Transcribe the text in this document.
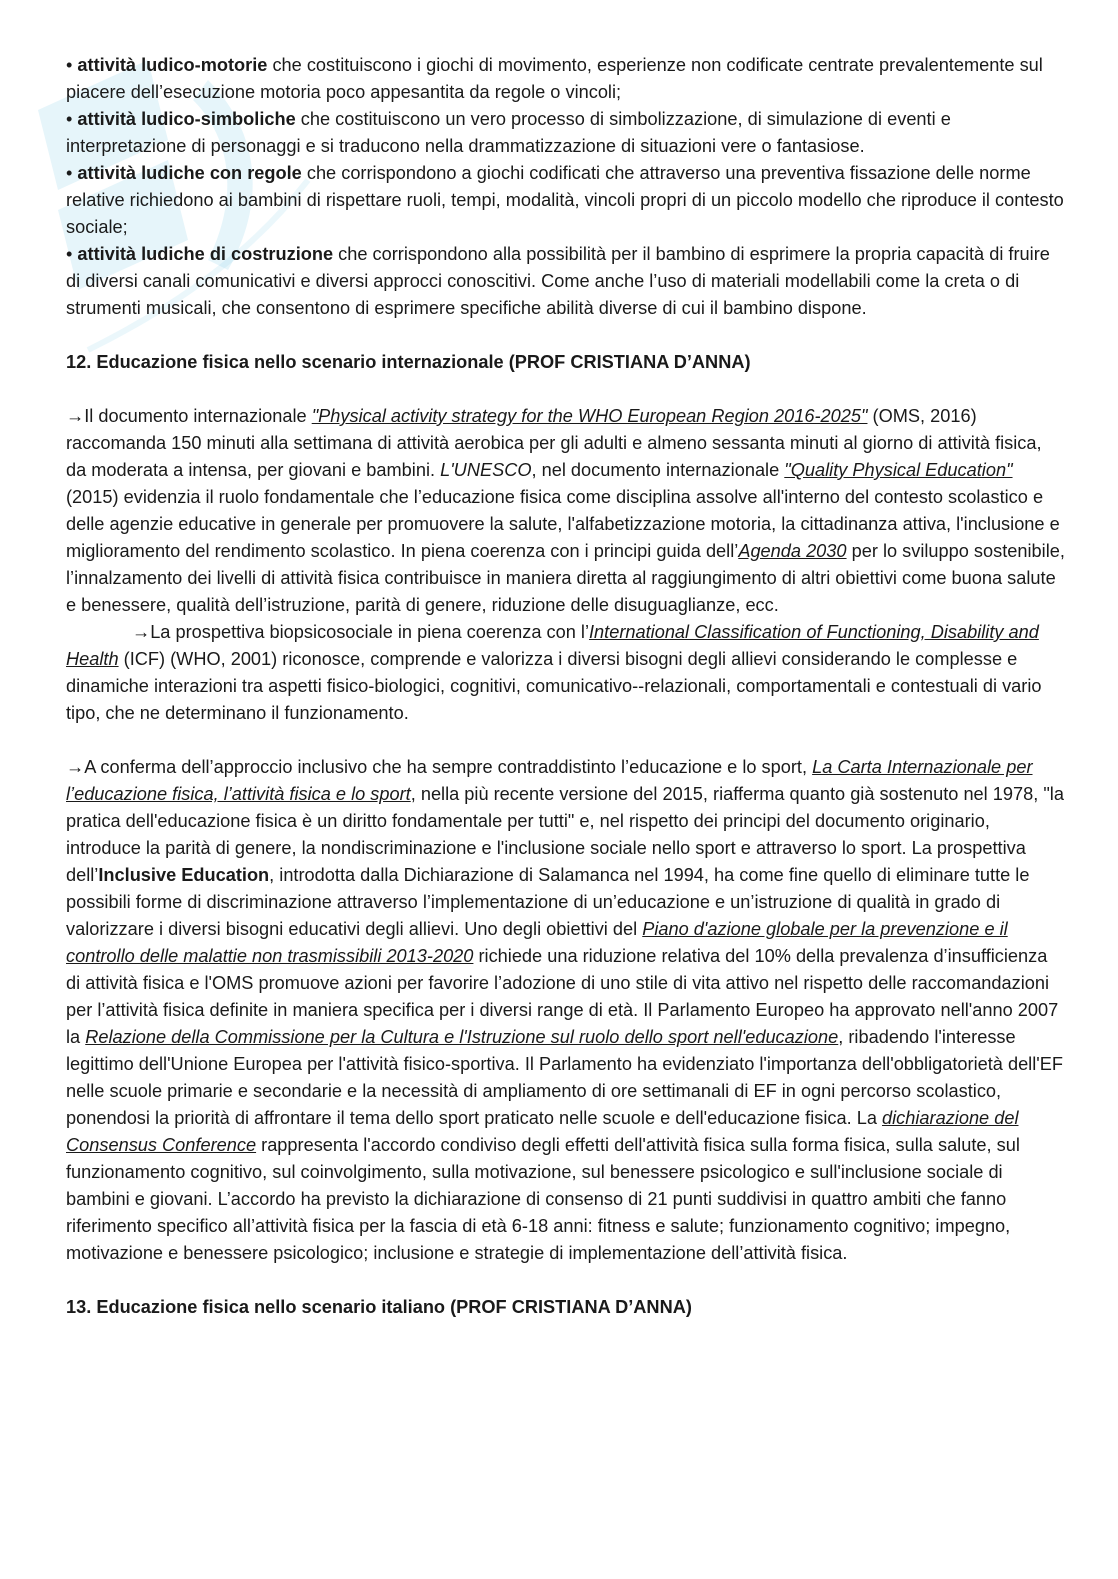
• attività ludico-motorie che costituiscono i giochi di movimento, esperienze non codificate centrate prevalentemente sul piacere dell’esecuzione motoria poco appesantita da regole o vincoli;

• attività ludico-simboliche che costituiscono un vero processo di simbolizzazione, di simulazione di eventi e interpretazione di personaggi e si traducono nella drammatizzazione di situazioni vere o fantasiose.

• attività ludiche con regole che corrispondono a giochi codificati che attraverso una preventiva fissazione delle norme relative richiedono ai bambini di rispettare ruoli, tempi, modalità, vincoli propri di un piccolo modello che riproduce il contesto sociale;

• attività ludiche di costruzione che corrispondono alla possibilità per il bambino di esprimere la propria capacità di fruire di diversi canali comunicativi e diversi approcci conoscitivi. Come anche l’uso di materiali modellabili come la creta o di strumenti musicali, che consentono di esprimere specifiche abilità diverse di cui il bambino dispone.

12. Educazione fisica nello scenario internazionale (PROF CRISTIANA D’ANNA)

→Il documento internazionale "Physical activity strategy for the WHO European Region 2016-2025" (OMS, 2016) raccomanda 150 minuti alla settimana di attività aerobica per gli adulti e almeno sessanta minuti al giorno di attività fisica, da moderata a intensa, per giovani e bambini. L'UNESCO, nel documento internazionale "Quality Physical Education" (2015) evidenzia il ruolo fondamentale che l’educazione fisica come disciplina assolve all'interno del contesto scolastico e delle agenzie educative in generale per promuovere la salute, l'alfabetizzazione motoria, la cittadinanza attiva, l'inclusione e miglioramento del rendimento scolastico. In piena coerenza con i principi guida dell’Agenda 2030 per lo sviluppo sostenibile, l’innalzamento dei livelli di attività fisica contribuisce in maniera diretta al raggiungimento di altri obiettivi come buona salute e benessere, qualità dell’istruzione, parità di genere, riduzione delle disuguaglianze, ecc.

→La prospettiva biopsicosociale in piena coerenza con l’International Classification of Functioning, Disability and Health (ICF) (WHO, 2001) riconosce, comprende e valorizza i diversi bisogni degli allievi considerando le complesse e dinamiche interazioni tra aspetti fisico-biologici, cognitivi, comunicativo-‑relazionali, comportamentali e contestuali di vario tipo, che ne determinano il funzionamento.

→A conferma dell’approccio inclusivo che ha sempre contraddistinto l’educazione e lo sport, La Carta Internazionale per l’educazione fisica, l’attività fisica e lo sport, nella più recente versione del 2015, riafferma quanto già sostenuto nel 1978, "la pratica dell'educazione fisica è un diritto fondamentale per tutti" e, nel rispetto dei principi del documento originario, introduce la parità di genere, la nondiscriminazione e l'inclusione sociale nello sport e attraverso lo sport. La prospettiva dell’Inclusive Education, introdotta dalla Dichiarazione di Salamanca nel 1994, ha come fine quello di eliminare tutte le possibili forme di discriminazione attraverso l’implementazione di un’educazione e un’istruzione di qualità in grado di valorizzare i diversi bisogni educativi degli allievi. Uno degli obiettivi del Piano d'azione globale per la prevenzione e il controllo delle malattie non trasmissibili 2013-2020 richiede una riduzione relativa del 10% della prevalenza d’insufficienza di attività fisica e l'OMS promuove azioni per favorire l’adozione di uno stile di vita attivo nel rispetto delle raccomandazioni per l’attività fisica definite in maniera specifica per i diversi range di età. Il Parlamento Europeo ha approvato nell'anno 2007 la Relazione della Commissione per la Cultura e l'Istruzione sul ruolo dello sport nell'educazione, ribadendo l'interesse legittimo dell'Unione Europea per l'attività fisico-sportiva. Il Parlamento ha evidenziato l'importanza dell'obbligatorietà dell'EF nelle scuole primarie e secondarie e la necessità di ampliamento di ore settimanali di EF in ogni percorso scolastico, ponendosi la priorità di affrontare il tema dello sport praticato nelle scuole e dell'educazione fisica. La dichiarazione del Consensus Conference rappresenta l'accordo condiviso degli effetti dell'attività fisica sulla forma fisica, sulla salute, sul funzionamento cognitivo, sul coinvolgimento, sulla motivazione, sul benessere psicologico e sull'inclusione sociale di bambini e giovani. L’accordo ha previsto la dichiarazione di consenso di 21 punti suddivisi in quattro ambiti che fanno riferimento specifico all’attività fisica per la fascia di età 6-18 anni: fitness e salute; funzionamento cognitivo; impegno, motivazione e benessere psicologico; inclusione e strategie di implementazione dell’attività fisica.

13. Educazione fisica nello scenario italiano (PROF CRISTIANA D’ANNA)
